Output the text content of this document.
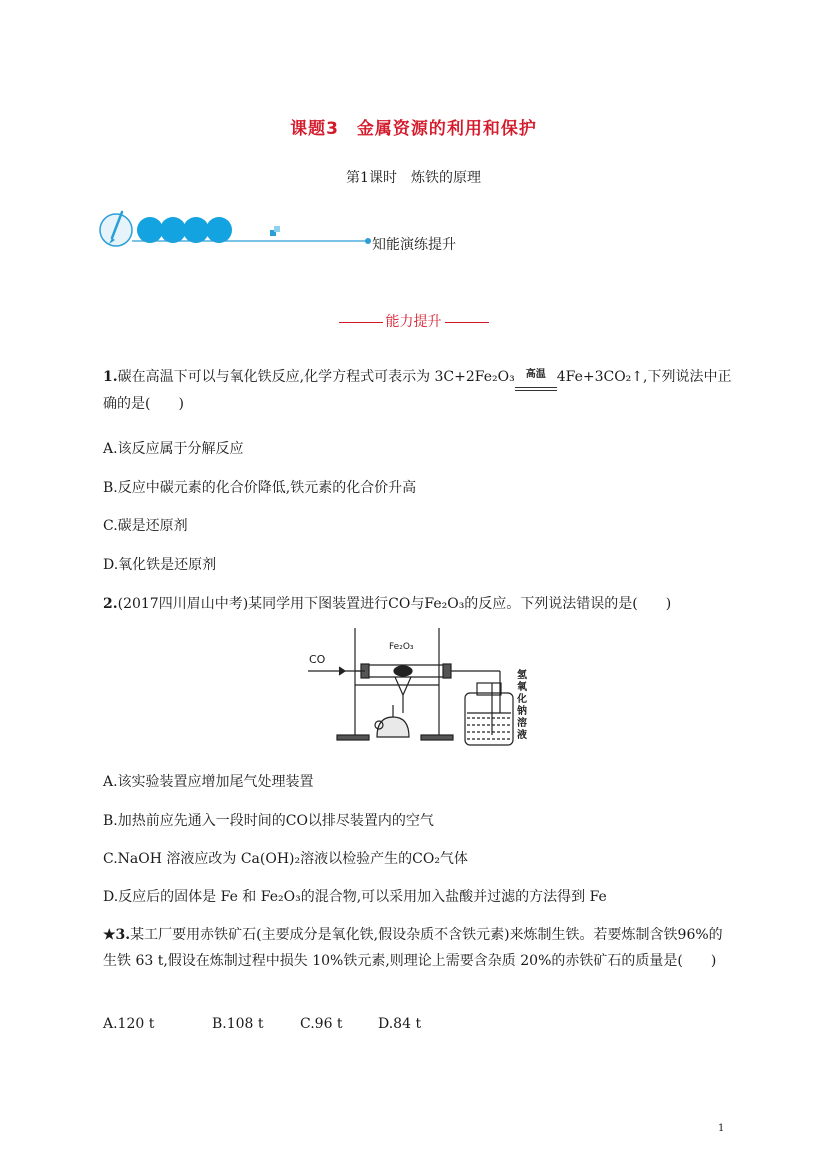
课题3　金属资源的利用和保护
第1课时　炼铁的原理
知能演练提升
能力提升
1.碳在高温下可以与氧化铁反应,化学方程式可表示为 3C+2Fe₂O₃ 高温 4Fe+3CO₂↑,下列说法中正确的是(　　)
A.该反应属于分解反应
B.反应中碳元素的化合价降低,铁元素的化合价升高
C.碳是还原剂
D.氧化铁是还原剂
2.(2017四川眉山中考)某同学用下图装置进行CO与Fe₂O₃的反应。下列说法错误的是(　　)
CO
Fe₂O₃
氢
氧
化
钠
溶
液
A.该实验装置应增加尾气处理装置
B.加热前应先通入一段时间的CO以排尽装置内的空气
C.NaOH 溶液应改为 Ca(OH)₂溶液以检验产生的CO₂气体
D.反应后的固体是 Fe 和 Fe₂O₃的混合物,可以采用加入盐酸并过滤的方法得到 Fe
★3.某工厂要用赤铁矿石(主要成分是氧化铁,假设杂质不含铁元素)来炼制生铁。若要炼制含铁96%的生铁 63 t,假设在炼制过程中损失 10%铁元素,则理论上需要含杂质 20%的赤铁矿石的质量是(　　)
A.120 t	B.108 t	C.96 t	D.84 t
1
